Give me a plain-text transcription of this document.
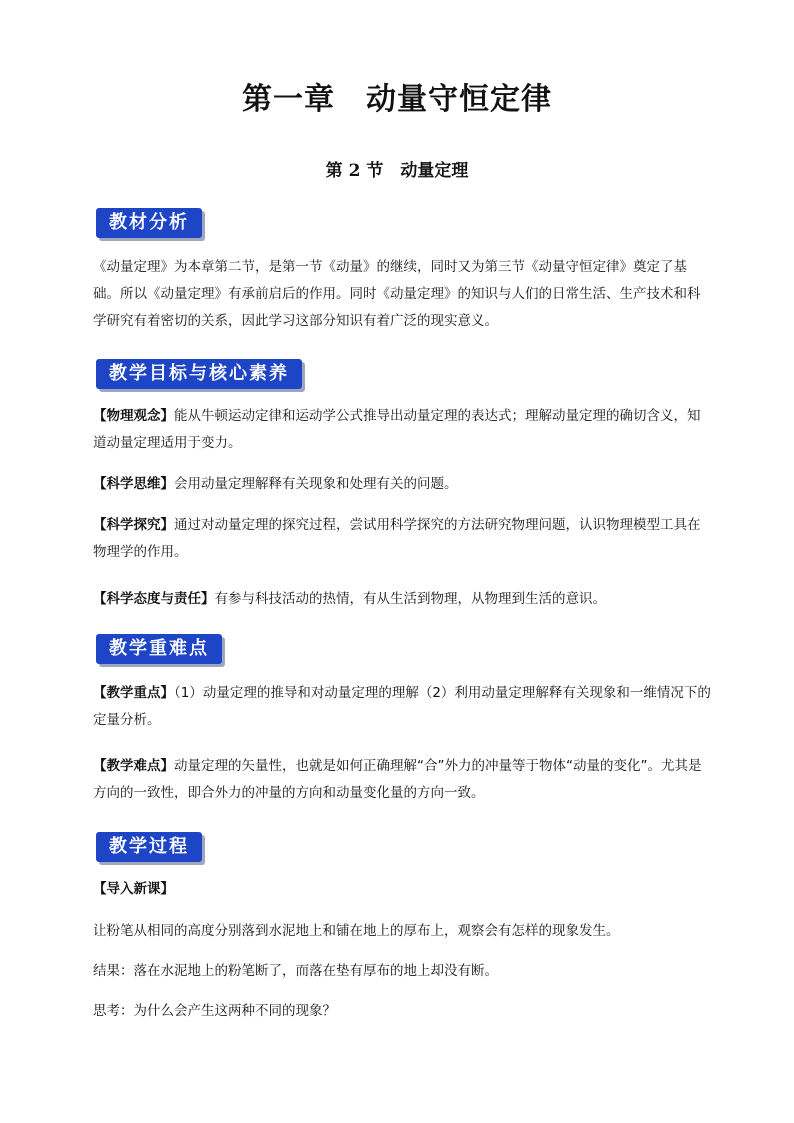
第一章　动量守恒定律
第 2 节　动量定理
教材分析

《动量定理》为本章第二节，是第一节《动量》的继续，同时又为第三节《动量守恒定律》奠定了基础。所以《动量定理》有承前启后的作用。同时《动量定理》的知识与人们的日常生活、生产技术和科学研究有着密切的关系，因此学习这部分知识有着广泛的现实意义。

教学目标与核心素养

【物理观念】能从牛顿运动定律和运动学公式推导出动量定理的表达式；理解动量定理的确切含义，知道动量定理适用于变力。

【科学思维】会用动量定理解释有关现象和处理有关的问题。

【科学探究】通过对动量定理的探究过程，尝试用科学探究的方法研究物理问题，认识物理模型工具在物理学的作用。

【科学态度与责任】有参与科技活动的热情，有从生活到物理，从物理到生活的意识。

教学重难点

【教学重点】（1）动量定理的推导和对动量定理的理解（2）利用动量定理解释有关现象和一维情况下的定量分析。

【教学难点】动量定理的矢量性，也就是如何正确理解“合”外力的冲量等于物体“动量的变化”。尤其是方向的一致性，即合外力的冲量的方向和动量变化量的方向一致。

教学过程

【导入新课】

让粉笔从相同的高度分别落到水泥地上和铺在地上的厚布上，观察会有怎样的现象发生。

结果：落在水泥地上的粉笔断了，而落在垫有厚布的地上却没有断。

思考：为什么会产生这两种不同的现象？
